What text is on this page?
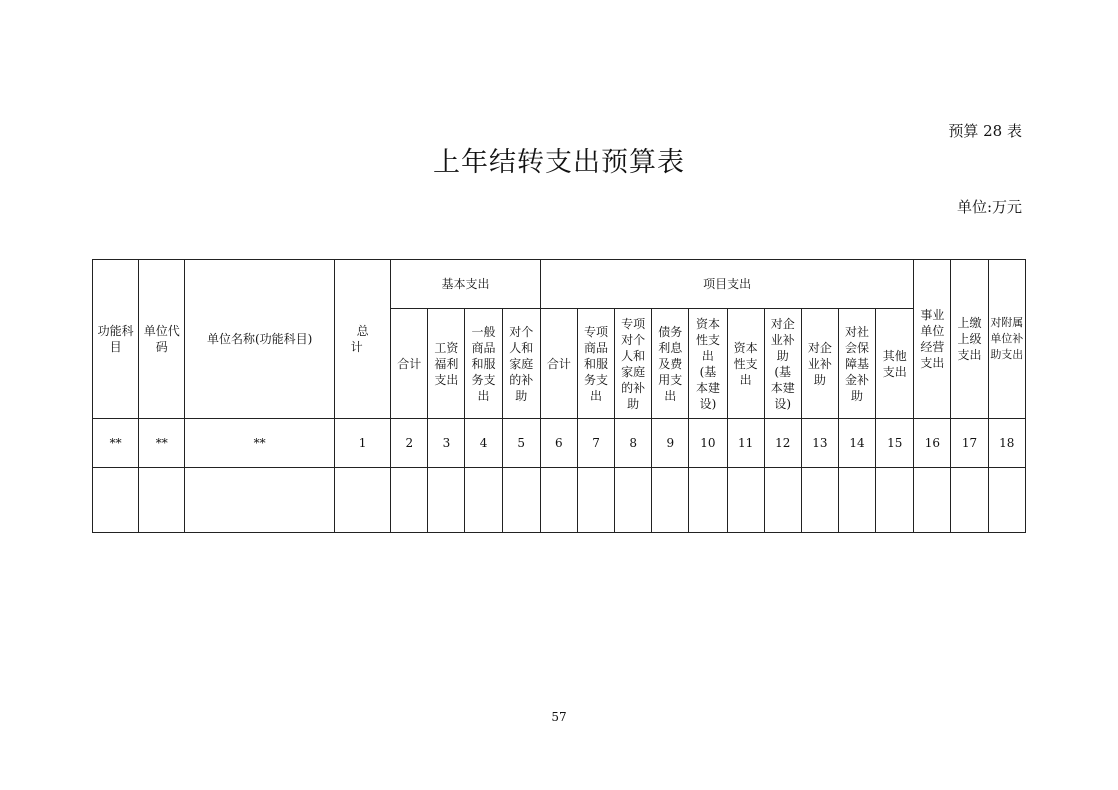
预算 28 表
上年结转支出预算表
单位:万元
功能科目	单位代码	单位名称(功能科目)	总计	基本支出				项目支出										事业单位经营支出	上缴上级支出	对附属单位补助支出
				合计	工资福利支出	一般商品和服务支出	对个人和家庭的补助	合计	专项商品和服务支出	专项对个人和家庭的补助	债务利息及费用支出	资本性支出(基本建设)	资本性支出	对企业补助(基本建设)	对企业补助	对社会保障基金补助	其他支出			
**	**	**	1	2	3	4	5	6	7	8	9	10	11	12	13	14	15	16	17	18

57
